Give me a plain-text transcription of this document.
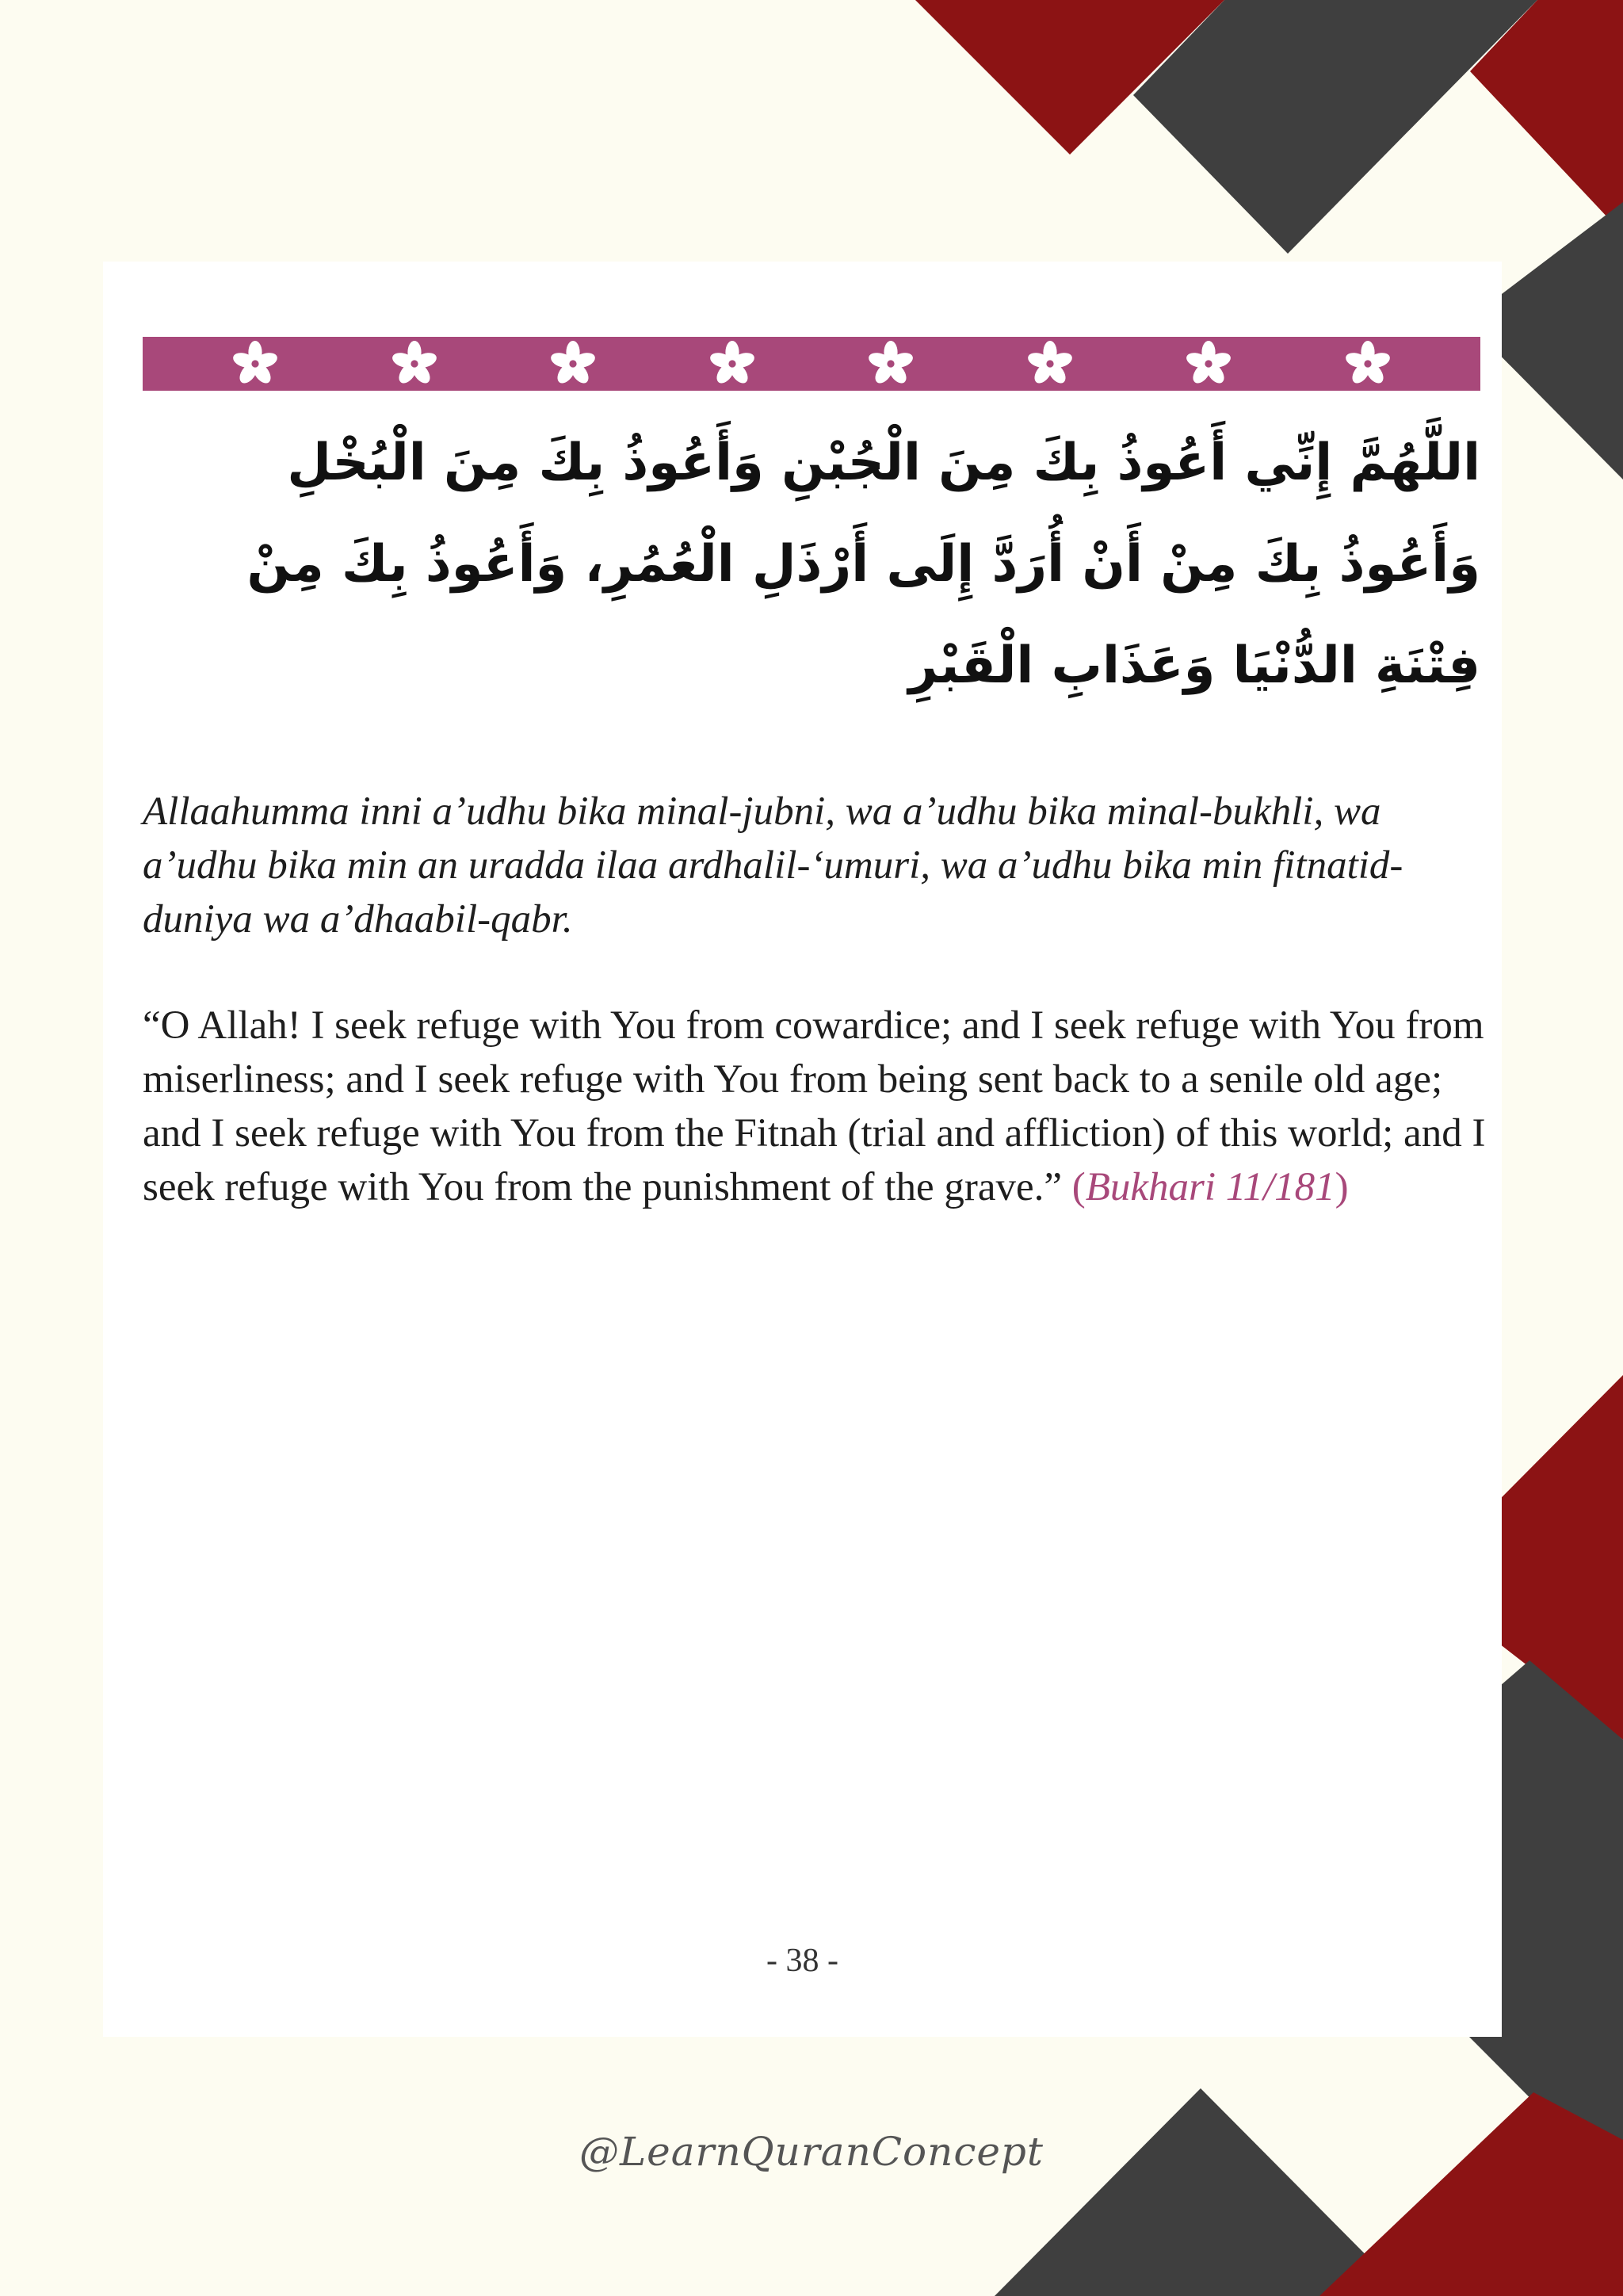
اللَّهُمَّ إِنِّي أَعُوذُ بِكَ مِنَ الْجُبْنِ وَأَعُوذُ بِكَ مِنَ الْبُخْلِ وَأَعُوذُ بِكَ مِنْ أَنْ أُرَدَّ إِلَى أَرْذَلِ الْعُمُرِ، وَأَعُوذُ بِكَ مِنْ فِتْنَةِ الدُّنْيَا وَعَذَابِ الْقَبْرِ

Allaahumma inni a’udhu bika minal-jubni, wa a’udhu bika minal-bukhli, wa a’udhu bika min an uradda ilaa ardhalil-‘umuri, wa a’udhu bika min fitnatid-duniya wa a’dhaabil-qabr.

“O Allah! I seek refuge with You from cowardice; and I seek refuge with You from miserliness; and I seek refuge with You from being sent back to a senile old age; and I seek refuge with You from the Fitnah (trial and affliction) of this world; and I seek refuge with You from the punishment of the grave.” (Bukhari 11/181)

- 38 -
@LearnQuranConcept
